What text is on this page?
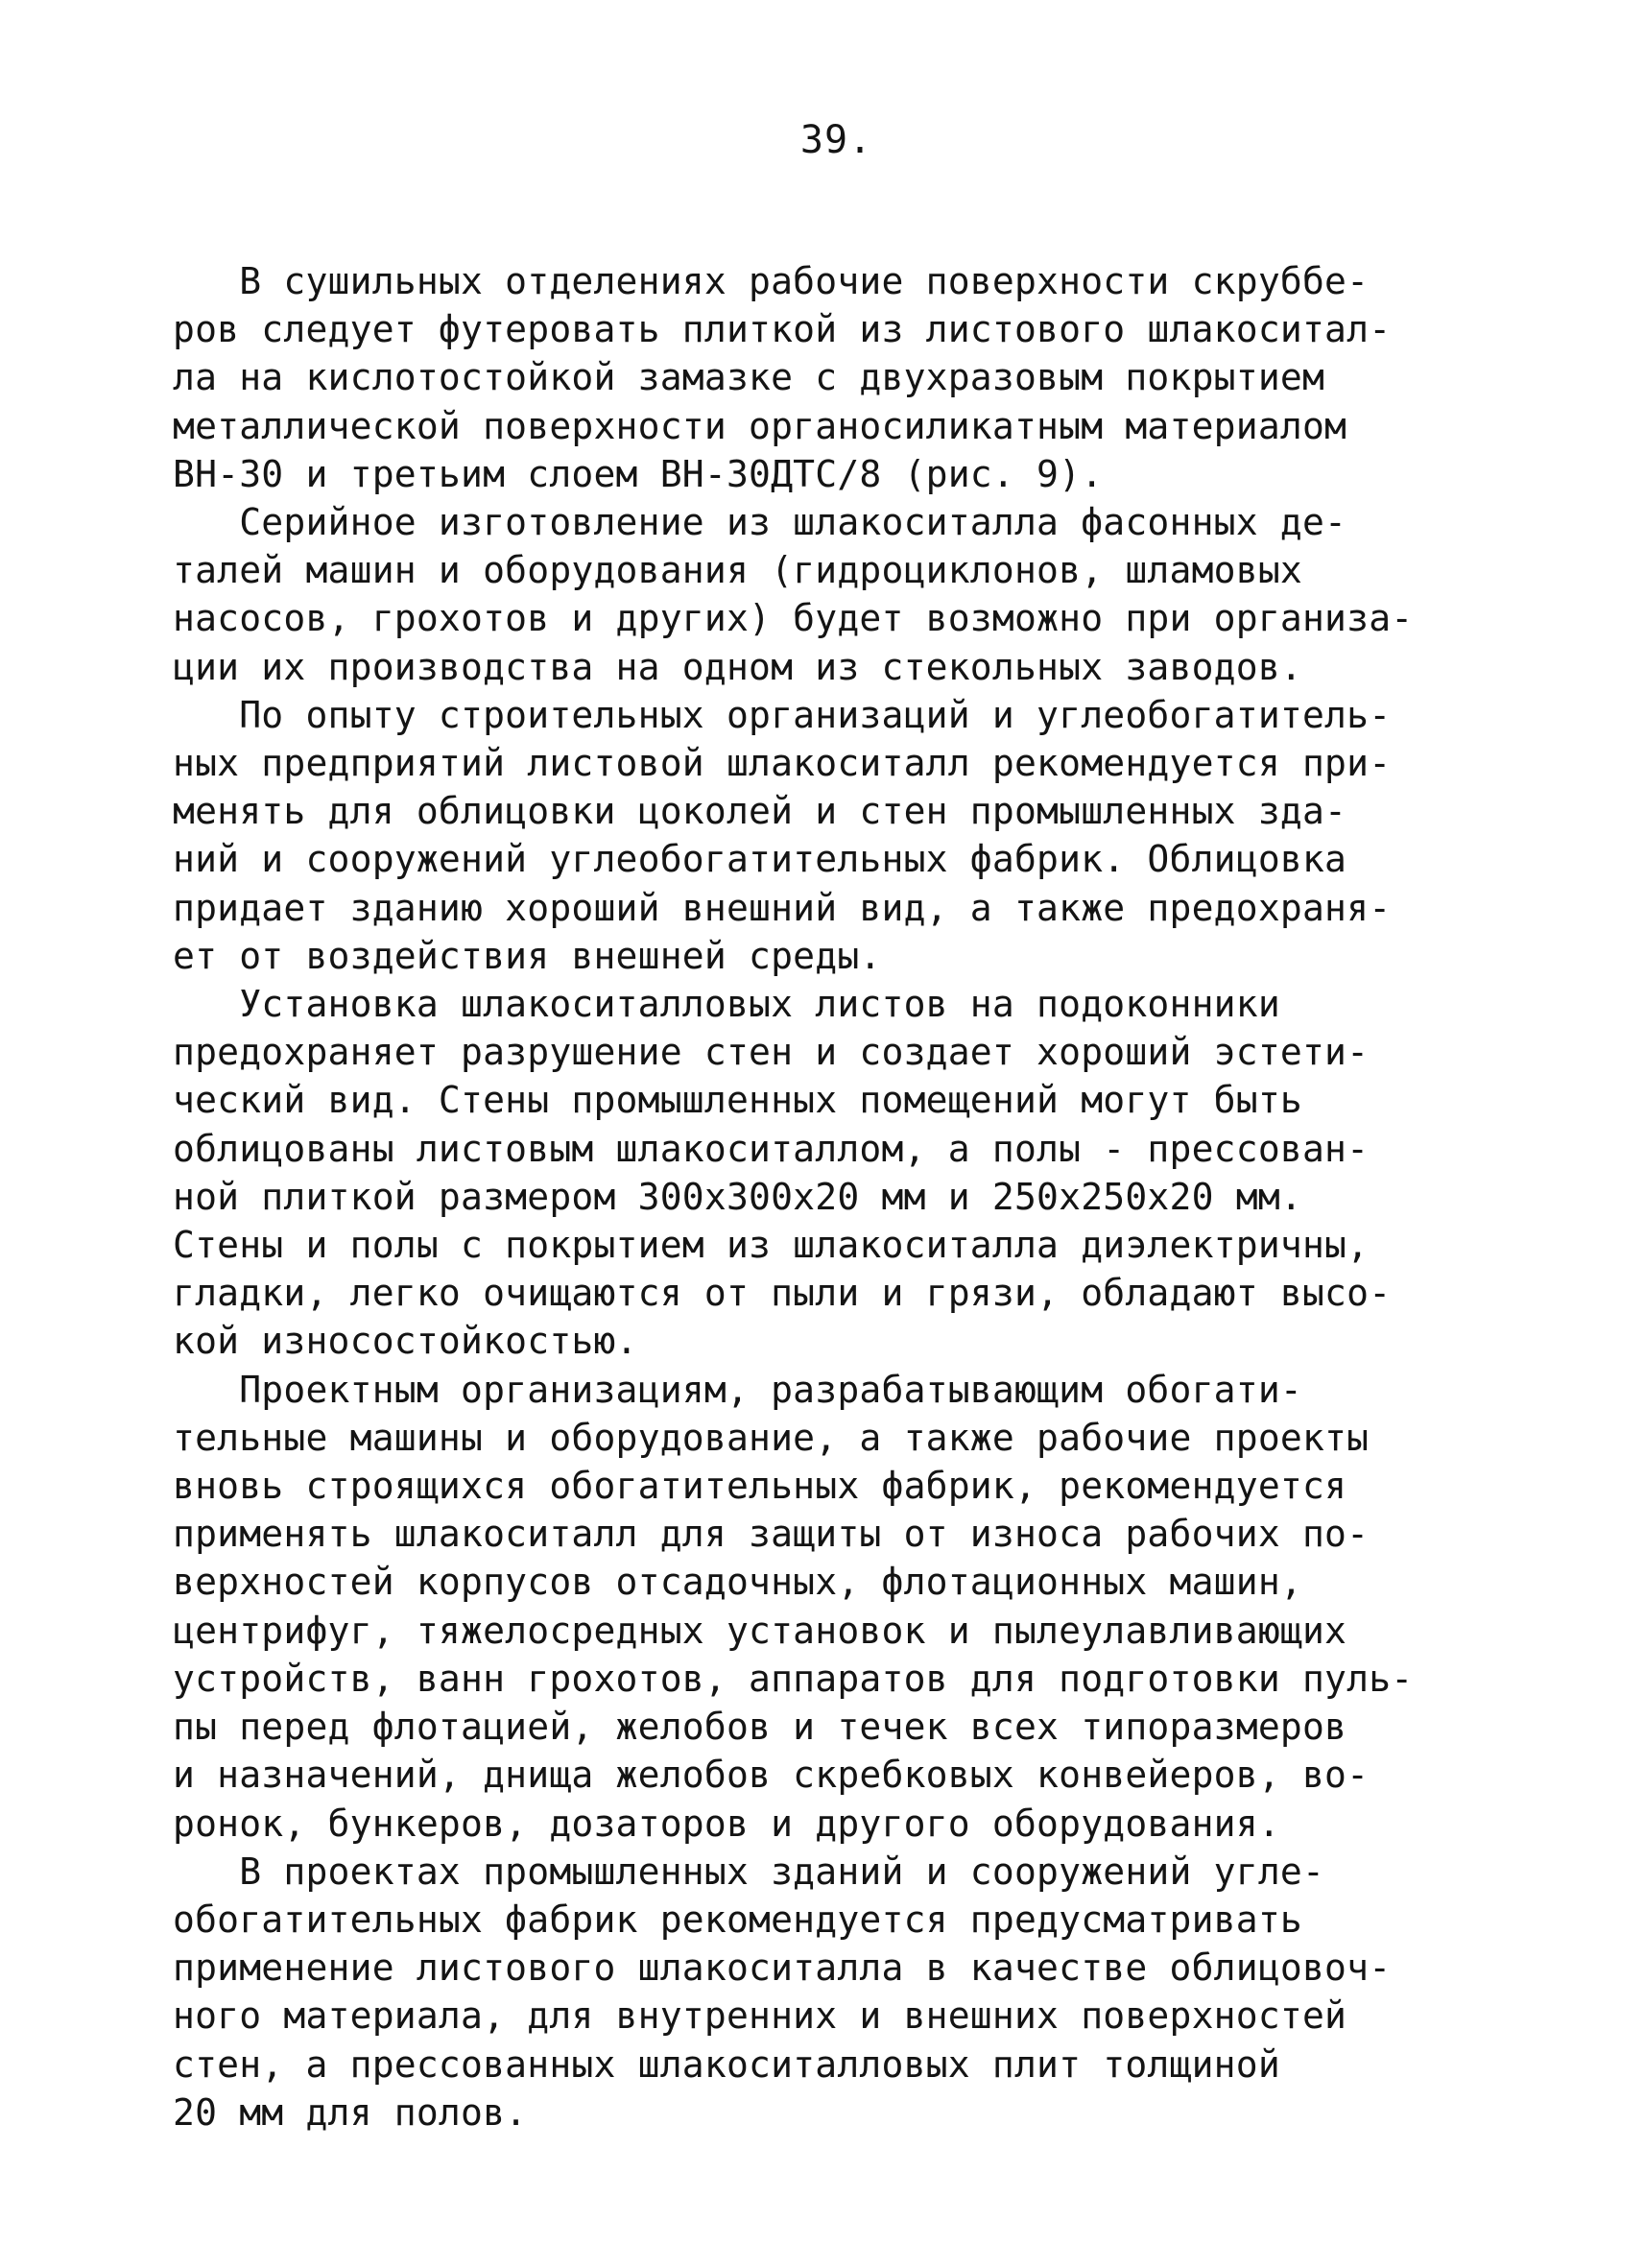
39.
В сушильных отделениях рабочие поверхности скруббе-
ров следует футеровать плиткой из листового шлакоситал-
ла на кислотостойкой замазке с двухразовым покрытием
металлической поверхности органосиликатным материалом
ВН-30 и третьим слоем ВН-30ДТС/8 (рис. 9).
Серийное изготовление из шлакоситалла фасонных де-
талей машин и оборудования (гидроциклонов, шламовых
насосов, грохотов и других) будет возможно при организа-
ции их производства на одном из стекольных заводов.
По опыту строительных организаций и углеобогатитель-
ных предприятий листовой шлакоситалл рекомендуется при-
менять для облицовки цоколей и стен промышленных зда-
ний и сооружений углеобогатительных фабрик. Облицовка
придает зданию хороший внешний вид, а также предохраня-
ет от воздействия внешней среды.
Установка шлакоситалловых листов на подоконники
предохраняет разрушение стен и создает хороший эстети-
ческий вид. Стены промышленных помещений могут быть
облицованы листовым шлакоситаллом, а полы - прессован-
ной плиткой размером 300x300x20 мм и 250x250x20 мм.
Стены и полы с покрытием из шлакоситалла диэлектричны,
гладки, легко очищаются от пыли и грязи, обладают высо-
кой износостойкостью.
Проектным организациям, разрабатывающим обогати-
тельные машины и оборудование, а также рабочие проекты
вновь строящихся обогатительных фабрик, рекомендуется
применять шлакоситалл для защиты от износа рабочих по-
верхностей корпусов отсадочных, флотационных машин,
центрифуг, тяжелосредных установок и пылеулавливающих
устройств, ванн грохотов, аппаратов для подготовки пуль-
пы перед флотацией, желобов и течек всех типоразмеров
и назначений, днища желобов скребковых конвейеров, во-
ронок, бункеров, дозаторов и другого оборудования.
В проектах промышленных зданий и сооружений угле-
обогатительных фабрик рекомендуется предусматривать
применение листового шлакоситалла в качестве облицовоч-
ного материала, для внутренних и внешних поверхностей
стен, а прессованных шлакоситалловых плит толщиной
20 мм для полов.
